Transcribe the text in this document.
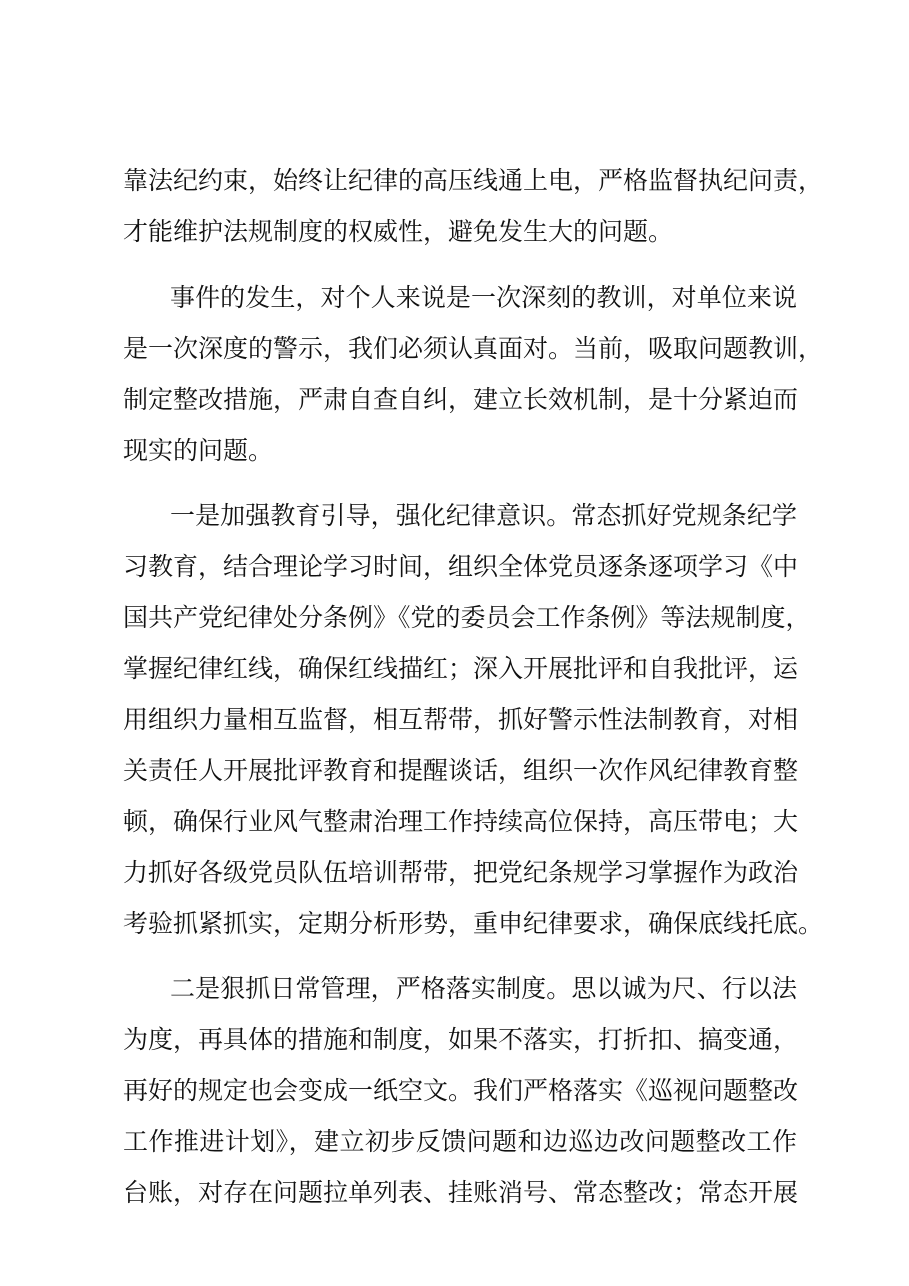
靠法纪约束，始终让纪律的高压线通上电，严格监督执纪问责，
才能维护法规制度的权威性，避免发生大的问题。
事件的发生，对个人来说是一次深刻的教训，对单位来说
是一次深度的警示，我们必须认真面对。当前，吸取问题教训，
制定整改措施，严肃自查自纠，建立长效机制，是十分紧迫而
现实的问题。
一是加强教育引导，强化纪律意识。常态抓好党规条纪学
习教育，结合理论学习时间，组织全体党员逐条逐项学习《中
国共产党纪律处分条例》《党的委员会工作条例》等法规制度，
掌握纪律红线，确保红线描红；深入开展批评和自我批评，运
用组织力量相互监督，相互帮带，抓好警示性法制教育，对相
关责任人开展批评教育和提醒谈话，组织一次作风纪律教育整
顿，确保行业风气整肃治理工作持续高位保持，高压带电；大
力抓好各级党员队伍培训帮带，把党纪条规学习掌握作为政治
考验抓紧抓实，定期分析形势，重申纪律要求，确保底线托底。
二是狠抓日常管理，严格落实制度。思以诚为尺、行以法
为度，再具体的措施和制度，如果不落实，打折扣、搞变通，
再好的规定也会变成一纸空文。我们严格落实《巡视问题整改
工作推进计划》，建立初步反馈问题和边巡边改问题整改工作
台账，对存在问题拉单列表、挂账消号、常态整改；常态开展
